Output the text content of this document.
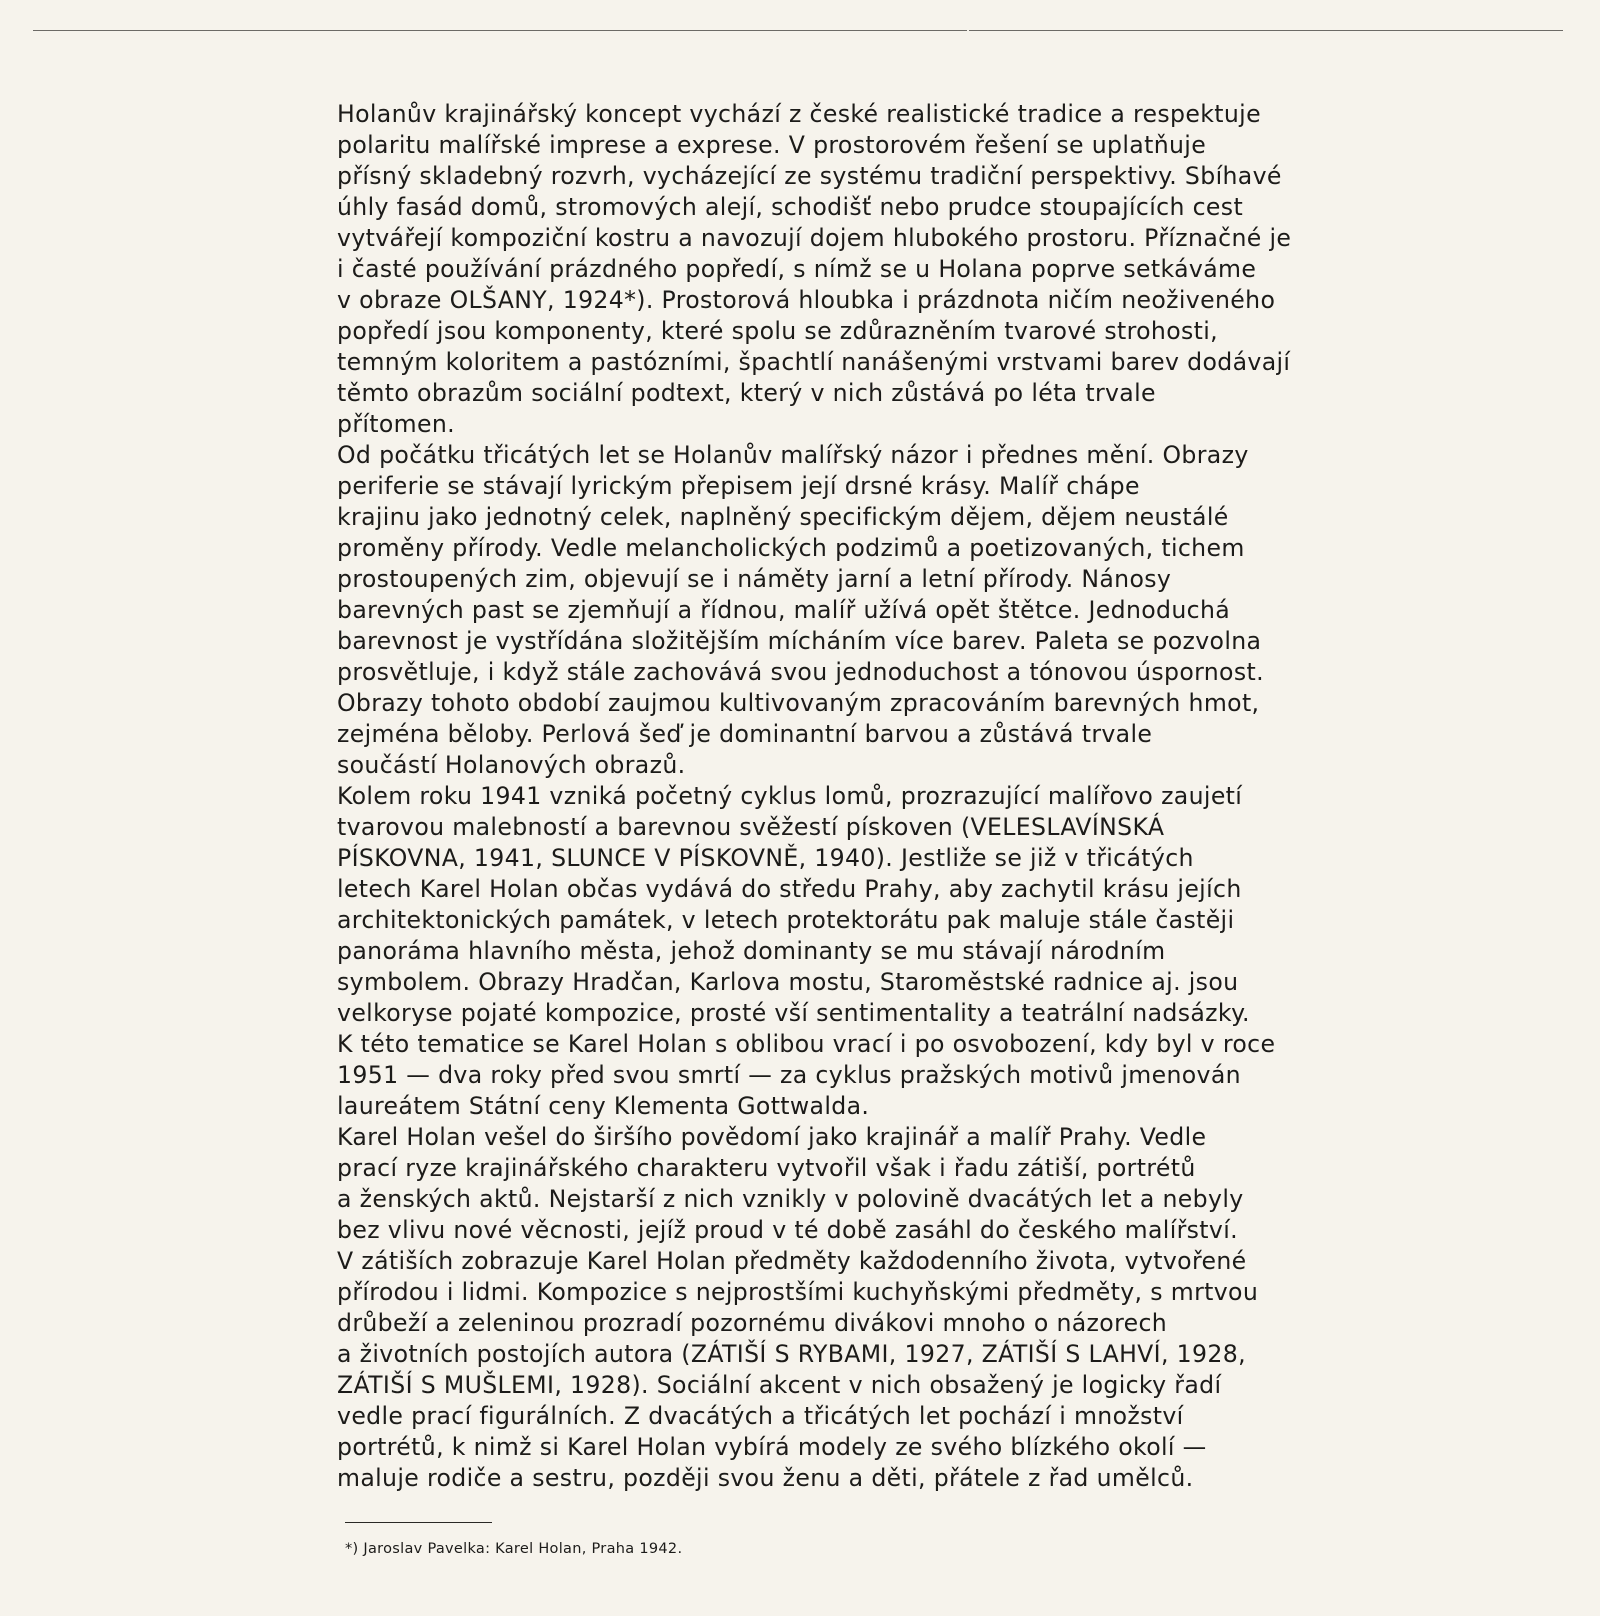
Holanův krajinářský koncept vychází z české realistické tradice a respektuje
polaritu malířské imprese a exprese. V prostorovém řešení se uplatňuje
přísný skladebný rozvrh, vycházející ze systému tradiční perspektivy. Sbíhavé
úhly fasád domů, stromových alejí, schodišť nebo prudce stoupajících cest
vytvářejí kompoziční kostru a navozují dojem hlubokého prostoru. Příznačné je
i časté používání prázdného popředí, s nímž se u Holana poprve setkáváme
v obraze OLŠANY, 1924*). Prostorová hloubka i prázdnota ničím neoživeného
popředí jsou komponenty, které spolu se zdůrazněním tvarové strohosti,
temným koloritem a pastózními, špachtlí nanášenými vrstvami barev dodávají
těmto obrazům sociální podtext, který v nich zůstává po léta trvale
přítomen.
Od počátku třicátých let se Holanův malířský názor i přednes mění. Obrazy
periferie se stávají lyrickým přepisem její drsné krásy. Malíř chápe
krajinu jako jednotný celek, naplněný specifickým dějem, dějem neustálé
proměny přírody. Vedle melancholických podzimů a poetizovaných, tichem
prostoupených zim, objevují se i náměty jarní a letní přírody. Nánosy
barevných past se zjemňují a řídnou, malíř užívá opět štětce. Jednoduchá
barevnost je vystřídána složitějším mícháním více barev. Paleta se pozvolna
prosvětluje, i když stále zachovává svou jednoduchost a tónovou úspornost.
Obrazy tohoto období zaujmou kultivovaným zpracováním barevných hmot,
zejména běloby. Perlová šeď je dominantní barvou a zůstává trvale
součástí Holanových obrazů.
Kolem roku 1941 vzniká početný cyklus lomů, prozrazující malířovo zaujetí
tvarovou malebností a barevnou svěžestí pískoven (VELESLAVÍNSKÁ
PÍSKOVNA, 1941, SLUNCE V PÍSKOVNĚ, 1940). Jestliže se již v třicátých
letech Karel Holan občas vydává do středu Prahy, aby zachytil krásu jejích
architektonických památek, v letech protektorátu pak maluje stále častěji
panoráma hlavního města, jehož dominanty se mu stávají národním
symbolem. Obrazy Hradčan, Karlova mostu, Staroměstské radnice aj. jsou
velkoryse pojaté kompozice, prosté vší sentimentality a teatrální nadsázky.
K této tematice se Karel Holan s oblibou vrací i po osvobození, kdy byl v roce
1951 — dva roky před svou smrtí — za cyklus pražských motivů jmenován
laureátem Státní ceny Klementa Gottwalda.
Karel Holan vešel do širšího povědomí jako krajinář a malíř Prahy. Vedle
prací ryze krajinářského charakteru vytvořil však i řadu zátiší, portrétů
a ženských aktů. Nejstarší z nich vznikly v polovině dvacátých let a nebyly
bez vlivu nové věcnosti, jejíž proud v té době zasáhl do českého malířství.
V zátiších zobrazuje Karel Holan předměty každodenního života, vytvořené
přírodou i lidmi. Kompozice s nejprostšími kuchyňskými předměty, s mrtvou
drůbeží a zeleninou prozradí pozornému divákovi mnoho o názorech
a životních postojích autora (ZÁTIŠÍ S RYBAMI, 1927, ZÁTIŠÍ S LAHVÍ, 1928,
ZÁTIŠÍ S MUŠLEMI, 1928). Sociální akcent v nich obsažený je logicky řadí
vedle prací figurálních. Z dvacátých a třicátých let pochází i množství
portrétů, k nimž si Karel Holan vybírá modely ze svého blízkého okolí —
maluje rodiče a sestru, později svou ženu a děti, přátele z řad umělců.
*) Jaroslav Pavelka: Karel Holan, Praha 1942.
